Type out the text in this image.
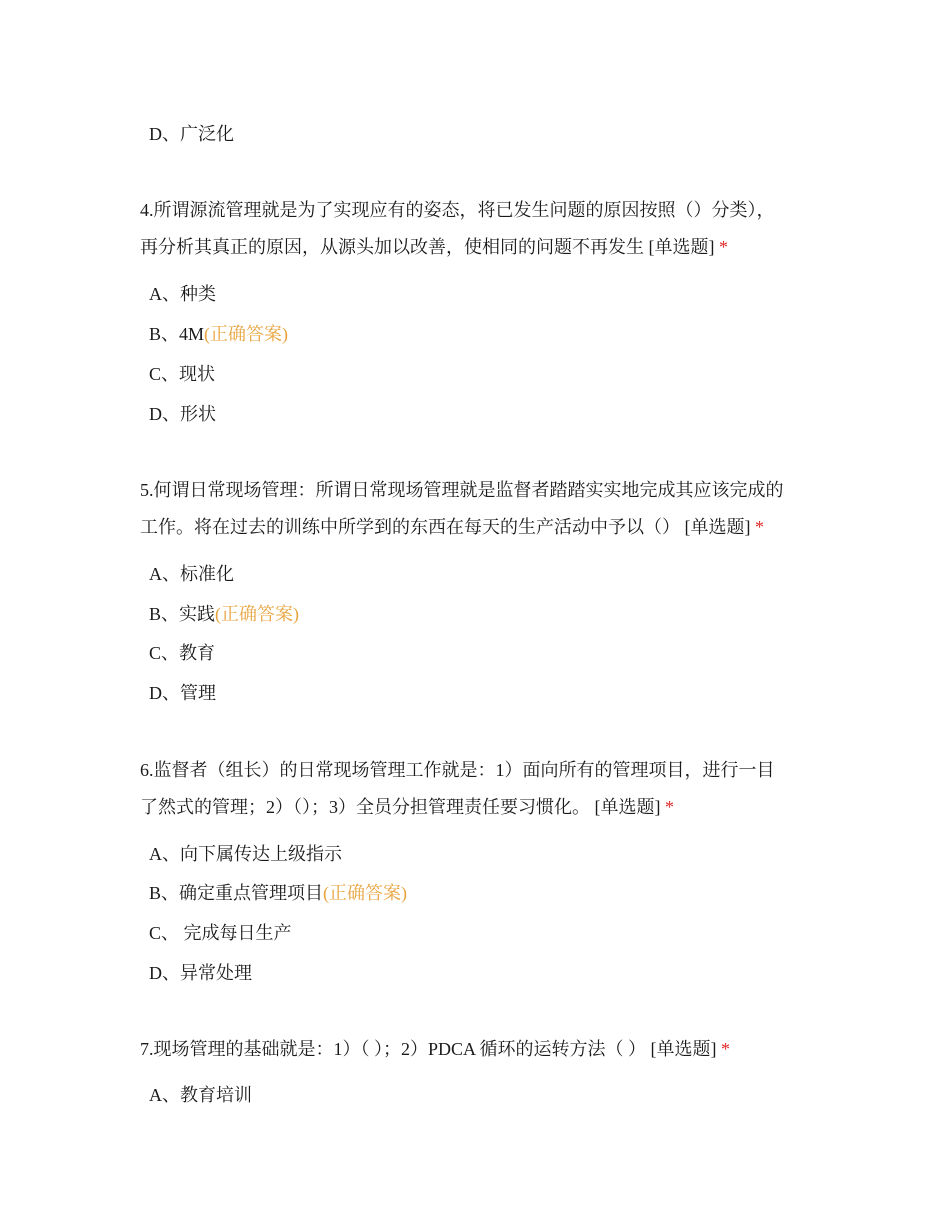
D、广泛化
4.所谓源流管理就是为了实现应有的姿态，将已发生问题的原因按照（）分类），
再分析其真正的原因，从源头加以改善，使相同的问题不再发生 [单选题] *
A、种类
B、4M(正确答案)
C、现状
D、形状
5.何谓日常现场管理：所谓日常现场管理就是监督者踏踏实实地完成其应该完成的
工作。将在过去的训练中所学到的东西在每天的生产活动中予以（） [单选题] *
A、标准化
B、实践(正确答案)
C、教育
D、管理
6.监督者（组长）的日常现场管理工作就是：1）面向所有的管理项目，进行一目
了然式的管理；2）（）；3）全员分担管理责任要习惯化。 [单选题] *
A、向下属传达上级指示
B、确定重点管理项目(正确答案)
C、 完成每日生产
D、异常处理
7.现场管理的基础就是：1）（ ）；2）PDCA 循环的运转方法（ ） [单选题] *
A、教育培训
